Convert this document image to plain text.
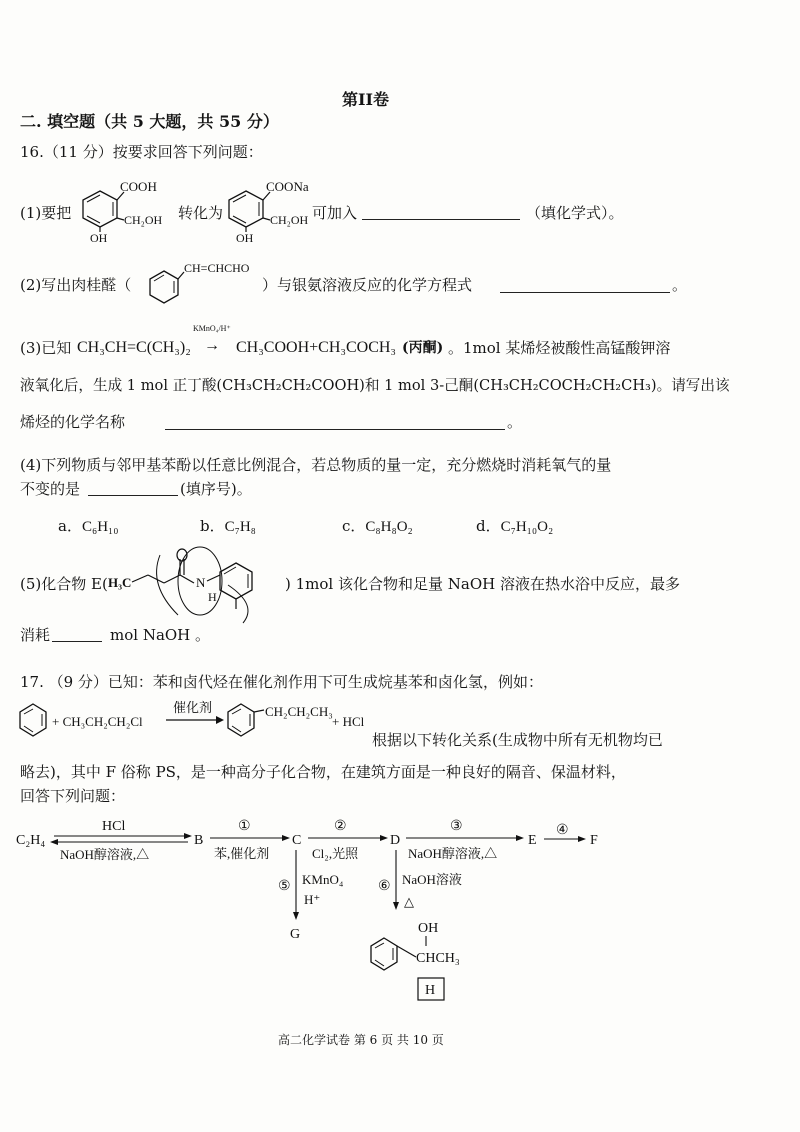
第II卷
二. 填空题（共 5 大题，共 55 分）
16.（11 分）按要求回答下列问题：
(1)要把
COOH
CH₂OH
OH
转化为
COONa
CH₂OH
OH
可加入	（填化学式）。
(2)写出肉桂醛（
CH=CHCHO
）与银氨溶液反应的化学方程式	。
(3)已知 CH₃CH=C(CH₃)₂
KMnO₄/H⁺
→ CH₃COOH+CH₃COCH₃ (丙酮) 。1mol 某烯烃被酸性高锰酸钾溶
液氧化后，生成 1 mol 正丁酸(CH₃CH₂CH₂COOH)和 1 mol 3-己酮(CH₃CH₂COCH₂CH₂CH₃)。请写出该
烯烃的化学名称	。
(4)下列物质与邻甲基苯酚以任意比例混合，若总物质的量一定，充分燃烧时消耗氧气的量
不变的是	(填序号)。
a．C₆H₁₀	b．C₇H₈	c．C₈H₈O₂	d．C₇H₁₀O₂
(5)化合物 E( H₃C	N
H
) 1mol 该化合物和足量 NaOH 溶液在热水浴中反应，最多
消耗	mol NaOH 。
17. （9 分）已知：苯和卤代烃在催化剂作用下可生成烷基苯和卤化氢，例如：
+ CH₃CH₂CH₂Cl
催化剂	CH₂CH₂CH₃
+ HCl
根据以下转化关系(生成物中所有无机物均已
略去)，其中 F 俗称 PS，是一种高分子化合物，在建筑方面是一种良好的隔音、保温材料，
回答下列问题：
C₂H₄
HCl
NaOH醇溶液,△
B
①
苯,催化剂
C
②
Cl₂,光照
D
③
NaOH醇溶液,△
E
④
F
⑤ KMnO₄
H⁺
G
⑥ NaOH溶液
△
OH
CHCH₃
H
高二化学试卷 第 6 页 共 10 页
